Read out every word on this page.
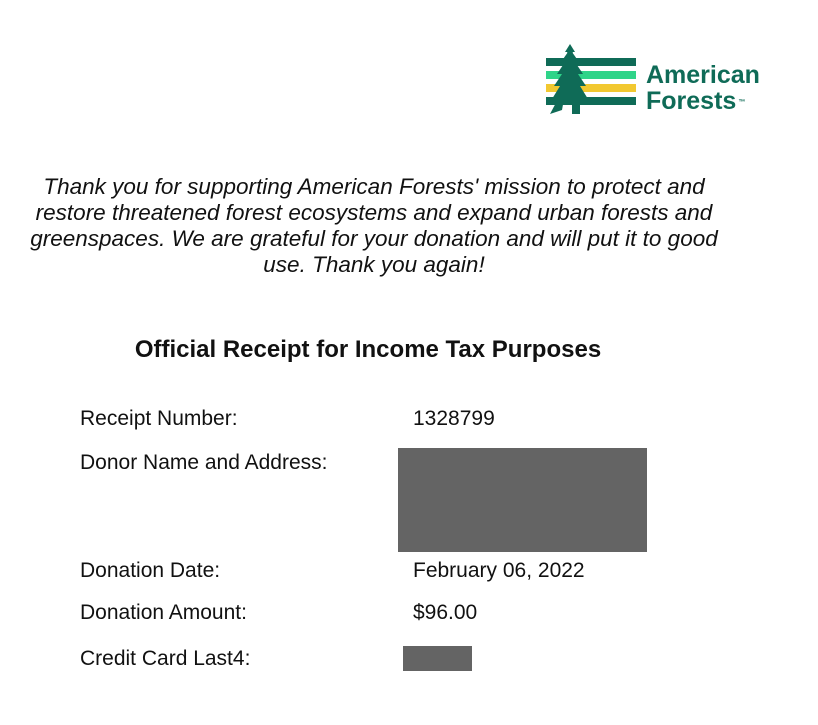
American
Forests ™

Thank you for supporting American Forests' mission to protect and restore threatened forest ecosystems and expand urban forests and greenspaces. We are grateful for your donation and will put it to good use. Thank you again!

Official Receipt for Income Tax Purposes
Receipt Number:	1328799
Donor Name and Address:
Donation Date:	February 06, 2022
Donation Amount:	$96.00
Credit Card Last4:
